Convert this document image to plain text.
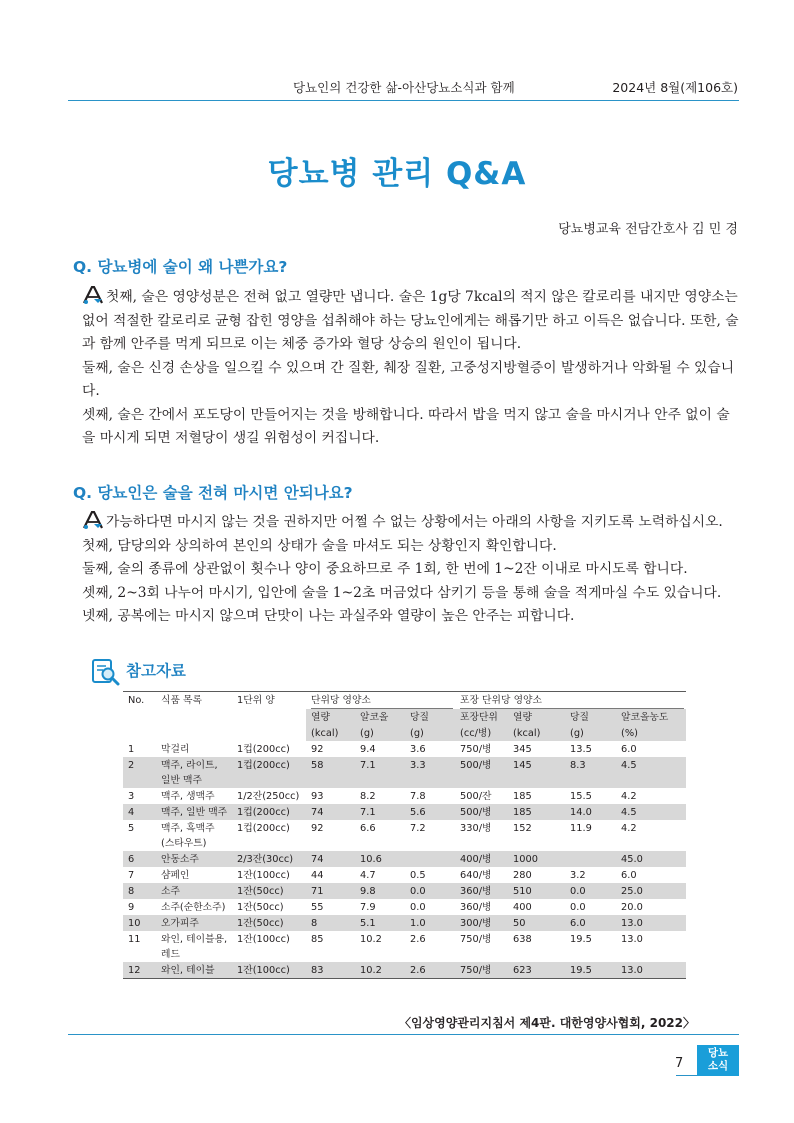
당뇨인의 건강한 삶-아산당뇨소식과 함께	2024년 8월(제106호)
당뇨병 관리 Q&A
당뇨병교육 전담간호사 김 민 경
Q. 당뇨병에 술이 왜 나쁜가요?

첫째, 술은 영양성분은 전혀 없고 열량만 냅니다. 술은 1g당 7kcal의 적지 않은 칼로리를 내지만 영양소는 없어 적절한 칼로리로 균형 잡힌 영양을 섭취해야 하는 당뇨인에게는 해롭기만 하고 이득은 없습니다. 또한, 술과 함께 안주를 먹게 되므로 이는 체중 증가와 혈당 상승의 원인이 됩니다.

둘째, 술은 신경 손상을 일으킬 수 있으며 간 질환, 췌장 질환, 고중성지방혈증이 발생하거나 악화될 수 있습니다.

셋째, 술은 간에서 포도당이 만들어지는 것을 방해합니다. 따라서 밥을 먹지 않고 술을 마시거나 안주 없이 술을 마시게 되면 저혈당이 생길 위험성이 커집니다.

Q. 당뇨인은 술을 전혀 마시면 안되나요?

가능하다면 마시지 않는 것을 권하지만 어쩔 수 없는 상황에서는 아래의 사항을 지키도록 노력하십시오.

첫째, 담당의와 상의하여 본인의 상태가 술을 마셔도 되는 상황인지 확인합니다.

둘째, 술의 종류에 상관없이 횟수나 양이 중요하므로 주 1회, 한 번에 1~2잔 이내로 마시도록 합니다.

셋째, 2~3회 나누어 마시기, 입안에 술을 1~2초 머금었다 삼키기 등을 통해 술을 적게마실 수도 있습니다.

넷째, 공복에는 마시지 않으며 단맛이 나는 과실주와 열량이 높은 안주는 피합니다.

참고자료
No.	식품 목록	1단위 양	단위당 영양소			포장 단위당 영양소			

			열량	알코올	당질	포장단위	열량	당질	알코올농도
			(kcal)	(g)	(g)	(cc/병)	(kcal)	(g)	(%)
1	막걸리	1컵(200cc)	92	9.4	3.6	750/병	345	13.5	6.0
2	맥주, 라이트, 일반 맥주	1컵(200cc)	58	7.1	3.3	500/병	145	8.3	4.5
3	맥주, 생맥주	1/2잔(250cc)	93	8.2	7.8	500/잔	185	15.5	4.2
4	맥주, 일반 맥주	1컵(200cc)	74	7.1	5.6	500/병	185	14.0	4.5
5	맥주, 흑맥주 (스타우트)	1컵(200cc)	92	6.6	7.2	330/병	152	11.9	4.2
6	안동소주	2/3잔(30cc)	74	10.6		400/병	1000		45.0
7	샴페인	1잔(100cc)	44	4.7	0.5	640/병	280	3.2	6.0
8	소주	1잔(50cc)	71	9.8	0.0	360/병	510	0.0	25.0
9	소주(순한소주)	1잔(50cc)	55	7.9	0.0	360/병	400	0.0	20.0
10	오가피주	1잔(50cc)	8	5.1	1.0	300/병	50	6.0	13.0
11	와인, 테이블용, 레드	1잔(100cc)	85	10.2	2.6	750/병	638	19.5	13.0
12	와인, 테이블	1잔(100cc)	83	10.2	2.6	750/병	623	19.5	13.0
〈임상영양관리지침서 제4판. 대한영양사협회, 2022〉
7
당뇨
소식
